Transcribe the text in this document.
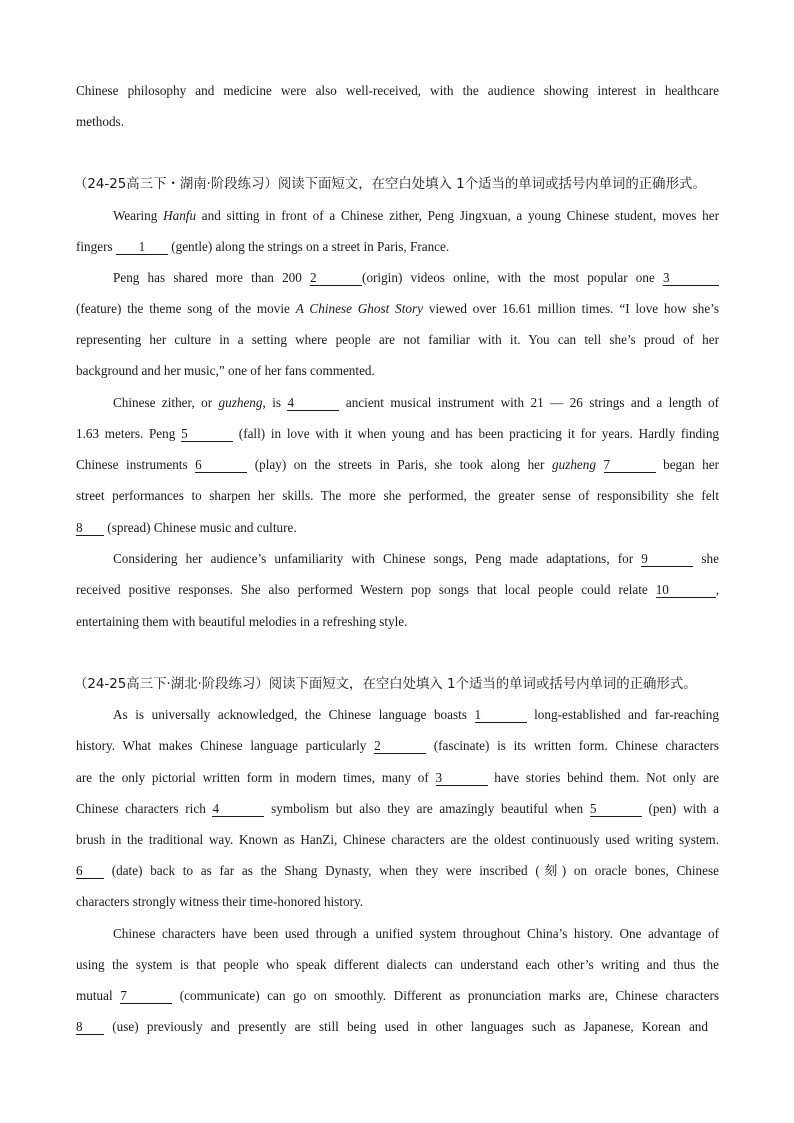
Chinese philosophy and medicine were also well-received, with the audience showing interest in healthcare
methods.
（24-25高三下・湖南·阶段练习）阅读下面短文，在空白处填入 1个适当的单词或括号内单词的正确形式。
Wearing Hanfu and sitting in front of a Chinese zither, Peng Jingxuan, a young Chinese student, moves her
fingers 1 (gentle) along the strings on a street in Paris, France.
Peng has shared more than 200 2	(origin) videos online, with the most popular one 3
(feature) the theme song of the movie A Chinese Ghost Story viewed over 16.61 million times. “I love how she’s
representing her culture in a setting where people are not familiar with it. You can tell she’s proud of her
background and her music,” one of her fans commented.
Chinese zither, or guzheng, is 4	ancient musical instrument with 21 — 26 strings and a length of
1.63 meters. Peng 5	(fall) in love with it when young and has been practicing it for years. Hardly finding
Chinese instruments 6	(play) on the streets in Paris, she took along her guzheng 7	began her
street performances to sharpen her skills. The more she performed, the greater sense of responsibility she felt
8 (spread) Chinese music and culture.
Considering her audience’s unfamiliarity with Chinese songs, Peng made adaptations, for 9	she
received positive responses. She also performed Western pop songs that local people could relate 10	,
entertaining them with beautiful melodies in a refreshing style.
（24-25高三下·湖北·阶段练习）阅读下面短文，在空白处填入 1个适当的单词或括号内单词的正确形式。
As is universally acknowledged, the Chinese language boasts 1	long-established and far-reaching
history. What makes Chinese language particularly 2	(fascinate) is its written form. Chinese characters
are the only pictorial written form in modern times, many of 3	have stories behind them. Not only are
Chinese characters rich 4	symbolism but also they are amazingly beautiful when 5	(pen) with a
brush in the traditional way. Known as HanZi, Chinese characters are the oldest continuously used writing system.
6 (date) back to as far as the Shang Dynasty, when they were inscribed (刻) on oracle bones, Chinese
characters strongly witness their time-honored history.
Chinese characters have been used through a unified system throughout China’s history. One advantage of
using the system is that people who speak different dialects can understand each other’s writing and thus the
mutual 7	(communicate) can go on smoothly. Different as pronunciation marks are, Chinese characters
8 (use) previously and presently are still being used in other languages such as Japanese, Korean and
